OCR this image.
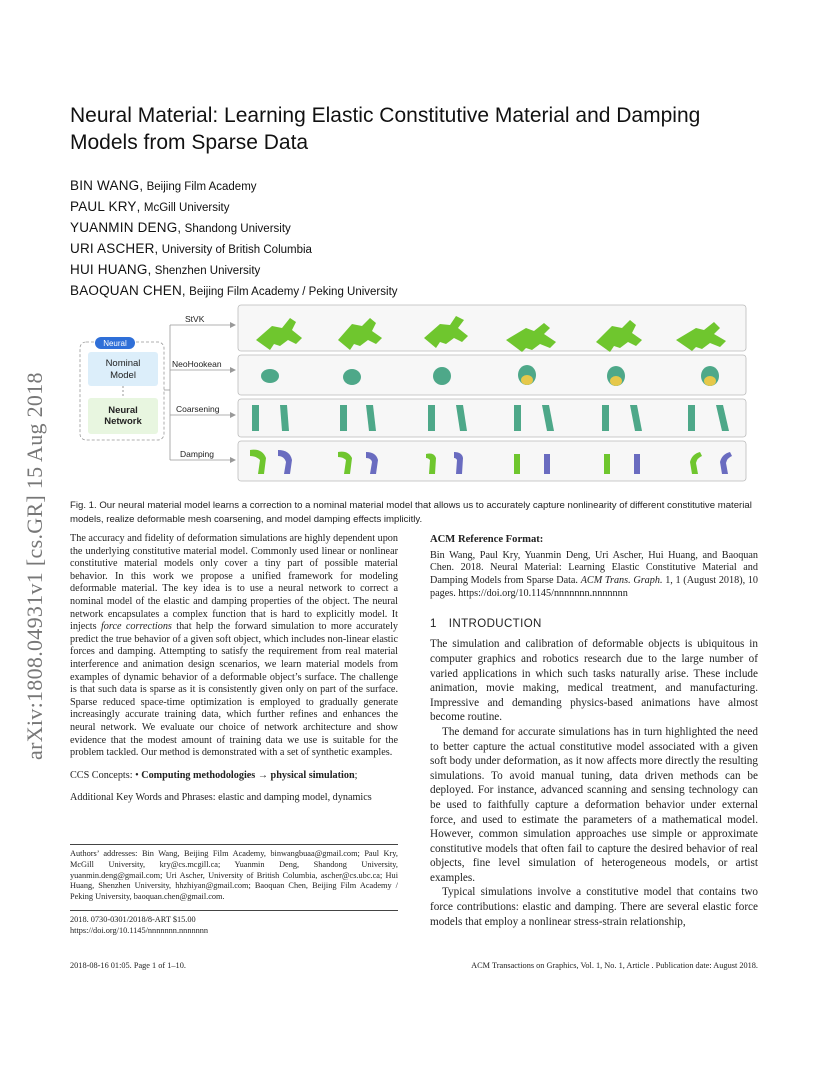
arXiv:1808.04931v1 [cs.GR] 15 Aug 2018
Neural Material: Learning Elastic Constitutive Material and Damping Models from Sparse Data
BIN WANG, Beijing Film Academy
PAUL KRY, McGill University
YUANMIN DENG, Shandong University
URI ASCHER, University of British Columbia
HUI HUANG, Shenzhen University
BAOQUAN CHEN, Beijing Film Academy / Peking University
Neural
Nominal
Model
Neural
Network
StVK
NeoHookean
Coarsening
Damping
Fig. 1. Our neural material model learns a correction to a nominal material model that allows us to accurately capture nonlinearity of different constitutive material models, realize deformable mesh coarsening, and model damping effects implicitly.

The accuracy and fidelity of deformation simulations are highly dependent upon the underlying constitutive material model. Commonly used linear or nonlinear constitutive material models only cover a tiny part of possible material behavior. In this work we propose a unified framework for modeling deformable material. The key idea is to use a neural network to correct a nominal model of the elastic and damping properties of the object. The neural network encapsulates a complex function that is hard to explicitly model. It injects force corrections that help the forward simulation to more accurately predict the true behavior of a given soft object, which includes non-linear elastic forces and damping. Attempting to satisfy the requirement from real material interference and animation design scenarios, we learn material models from examples of dynamic behavior of a deformable object’s surface. The challenge is that such data is sparse as it is consistently given only on part of the surface. Sparse reduced space-time optimization is employed to gradually generate increasingly accurate training data, which further refines and enhances the neural network. We evaluate our choice of network architecture and show evidence that the modest amount of training data we use is suitable for the problem tackled. Our method is demonstrated with a set of synthetic examples.

CCS Concepts: • Computing methodologies → physical simulation;

Additional Key Words and Phrases: elastic and damping model, dynamics

Authors’ addresses: Bin Wang, Beijing Film Academy, binwangbuaa@gmail.com; Paul Kry, McGill University, kry@cs.mcgill.ca; Yuanmin Deng, Shandong University, yuanmin.deng@gmail.com; Uri Ascher, University of British Columbia, ascher@cs.ubc.ca; Hui Huang, Shenzhen University, hhzhiyan@gmail.com; Baoquan Chen, Beijing Film Academy / Peking University, baoquan.chen@gmail.com.
2018. 0730-0301/2018/8-ART $15.00
https://doi.org/10.1145/nnnnnnn.nnnnnnn
ACM Reference Format:

Bin Wang, Paul Kry, Yuanmin Deng, Uri Ascher, Hui Huang, and Baoquan Chen. 2018. Neural Material: Learning Elastic Constitutive Material and Damping Models from Sparse Data. ACM Trans. Graph. 1, 1 (August 2018), 10 pages. https://doi.org/10.1145/nnnnnnn.nnnnnnn

1 INTRODUCTION

The simulation and calibration of deformable objects is ubiquitous in computer graphics and robotics research due to the large number of varied applications in which such tasks naturally arise. These include animation, movie making, medical treatment, and manufacturing. Impressive and demanding physics-based animations have almost become routine.

The demand for accurate simulations has in turn highlighted the need to better capture the actual constitutive model associated with a given soft body under deformation, as it now affects more directly the resulting simulations. To avoid manual tuning, data driven methods can be deployed. For instance, advanced scanning and sensing technology can be used to faithfully capture a deformation behavior under external force, and used to estimate the parameters of a mathematical model. However, common simulation approaches use simple or approximate constitutive models that often fail to capture the desired behavior of real objects, fine level simulation of heterogeneous models, or artist examples.

Typical simulations involve a constitutive model that contains two force contributions: elastic and damping. There are several elastic force models that employ a nonlinear stress-strain relationship,

2018-08-16 01:05. Page 1 of 1–10.	ACM Transactions on Graphics, Vol. 1, No. 1, Article . Publication date: August 2018.
